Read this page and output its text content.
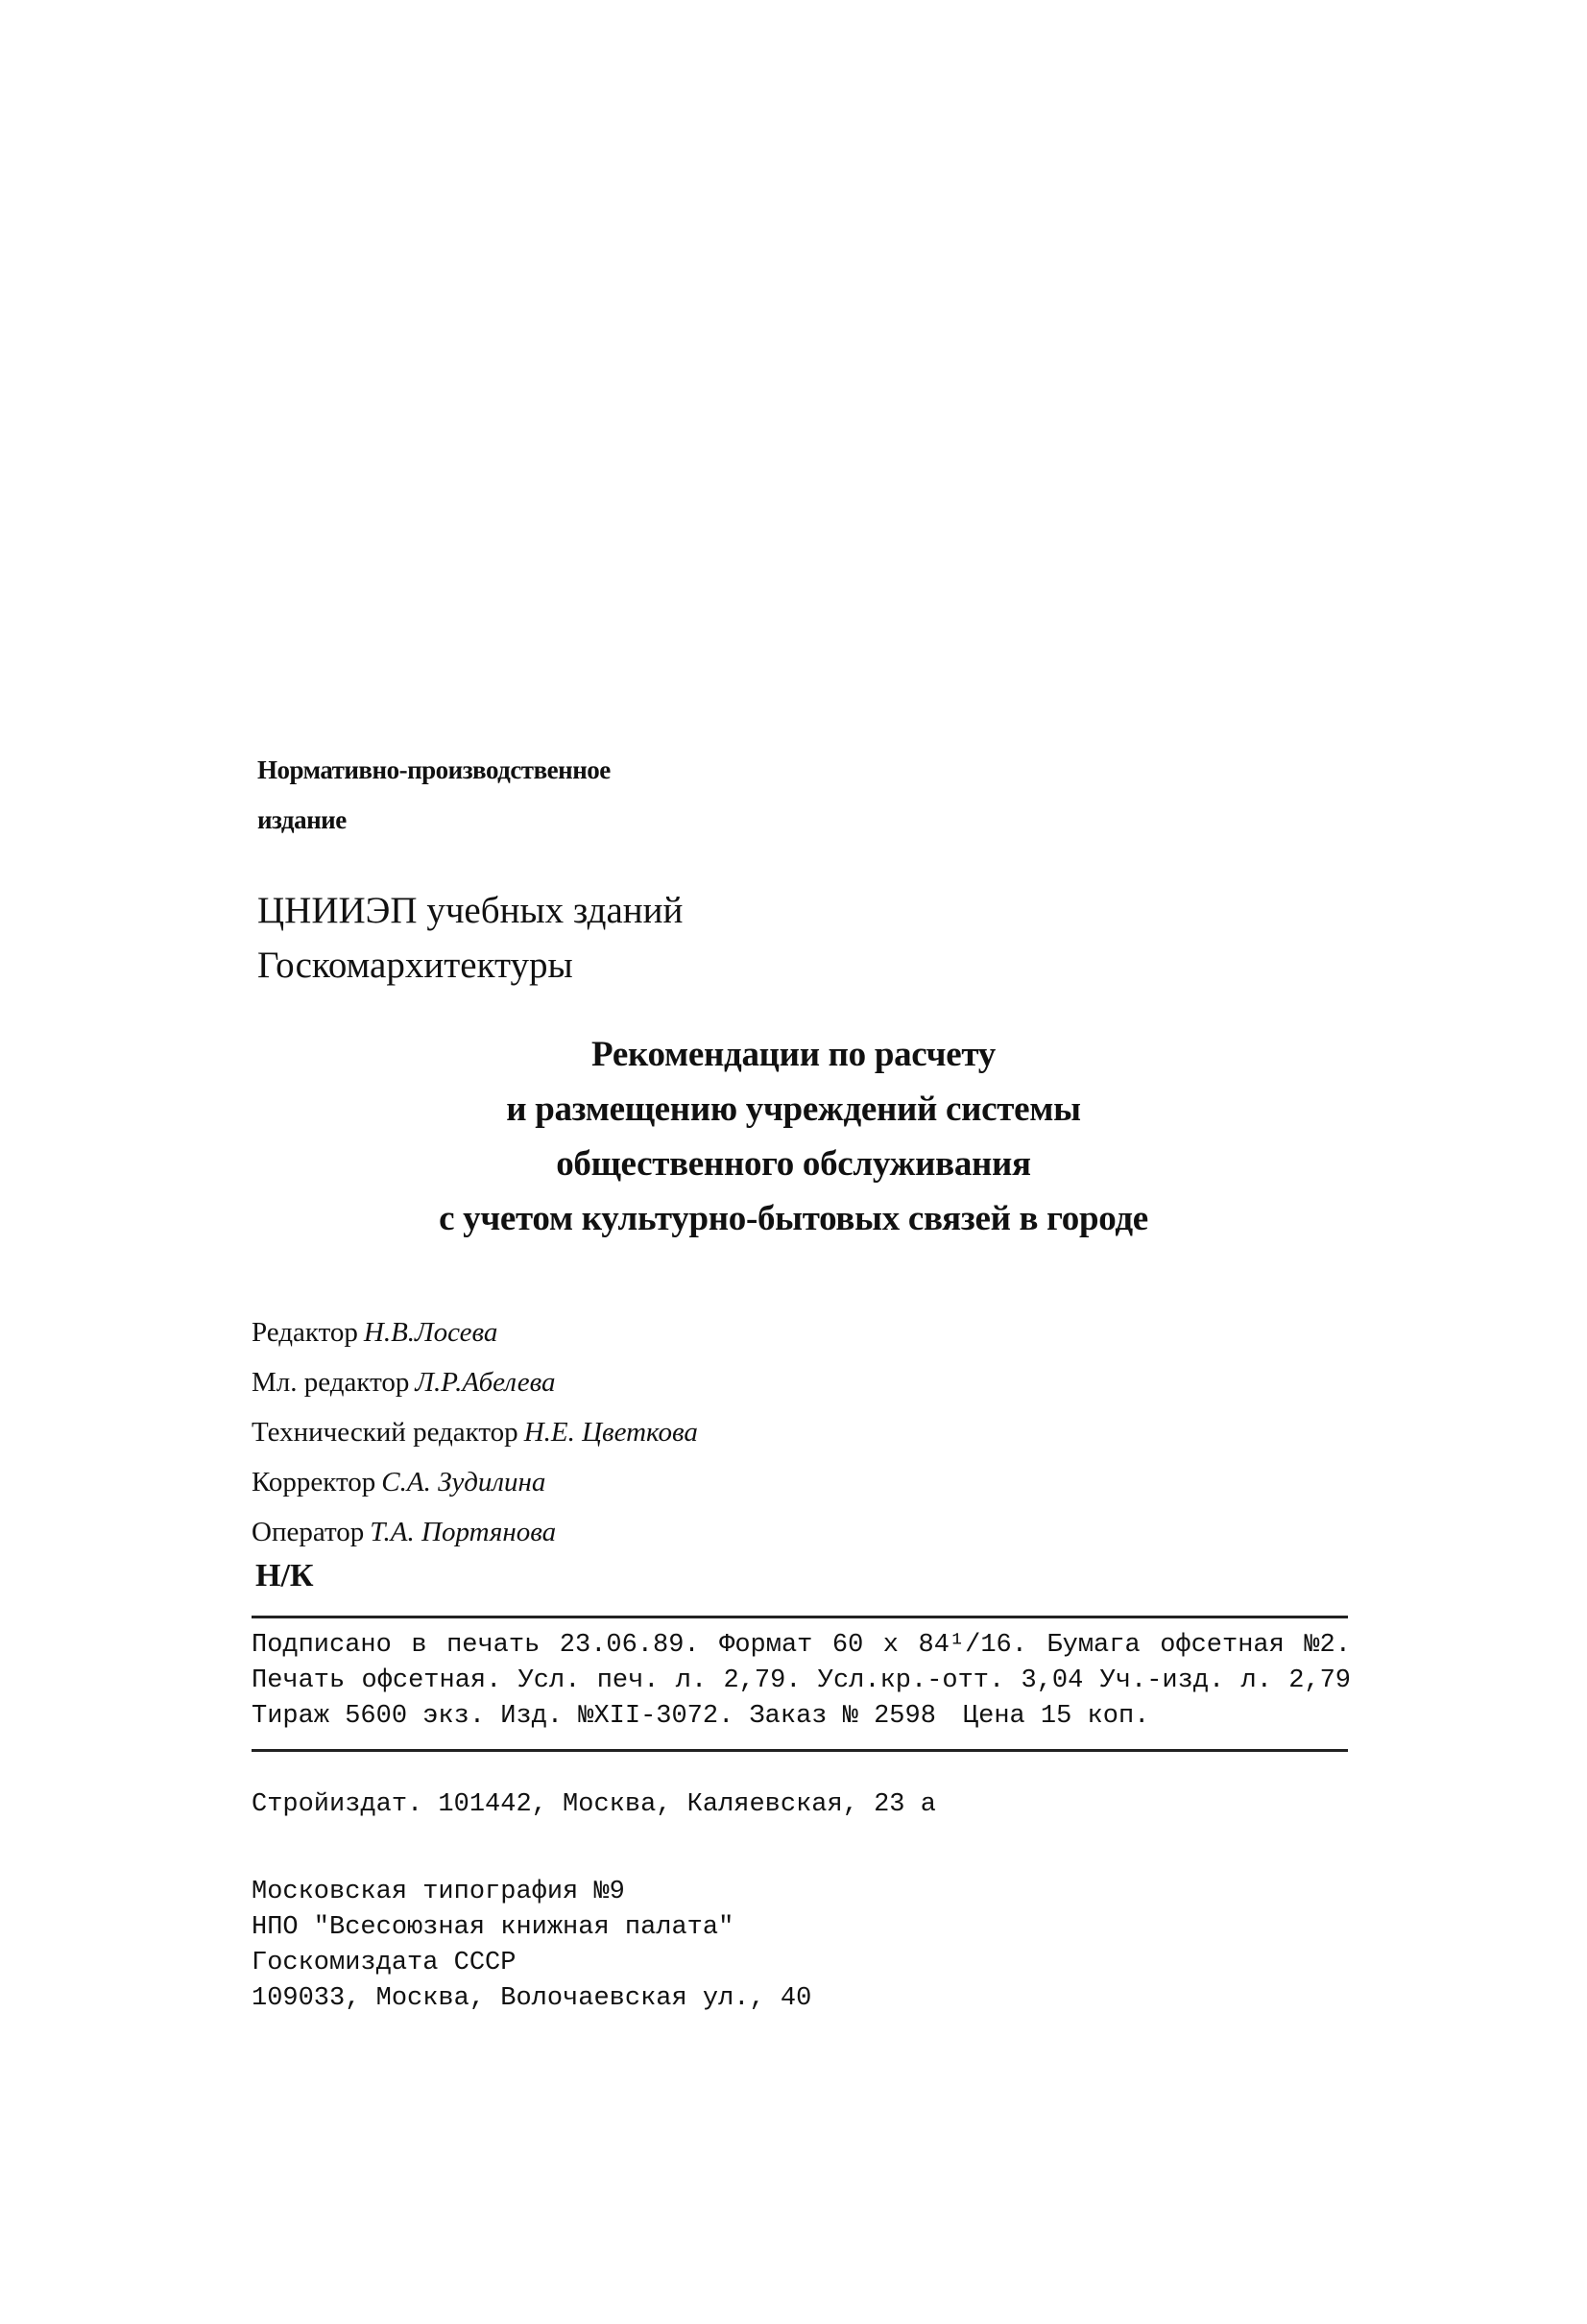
Нормативно-производственное
издание
ЦНИИЭП учебных зданий
Госкомархитектуры
Рекомендации по расчету
и размещению учреждений системы
общественного обслуживания
с учетом культурно-бытовых связей в городе
Редактор Н.В.Лосева
Мл. редактор Л.Р.Абелева
Технический редактор Н.Е. Цветкова
Корректор С.А. Зудилина
Оператор Т.А. Портянова
Н/К
Подписано в печать 23.06.89. Формат 60 x 84¹/16. Бумага офсетная №2.
Печать офсетная. Усл. печ. л. 2,79. Усл.кр.-отт. 3,04 Уч.-изд. л. 2,79
Тираж 5600 экз. Изд. №XII-3072. Заказ № 2598 Цена 15 коп.
Стройиздат. 101442, Москва, Каляевская, 23 а
Московская типография №9
НПО "Всесоюзная книжная палата"
Госкомиздата СССР
109033, Москва, Волочаевская ул., 40
